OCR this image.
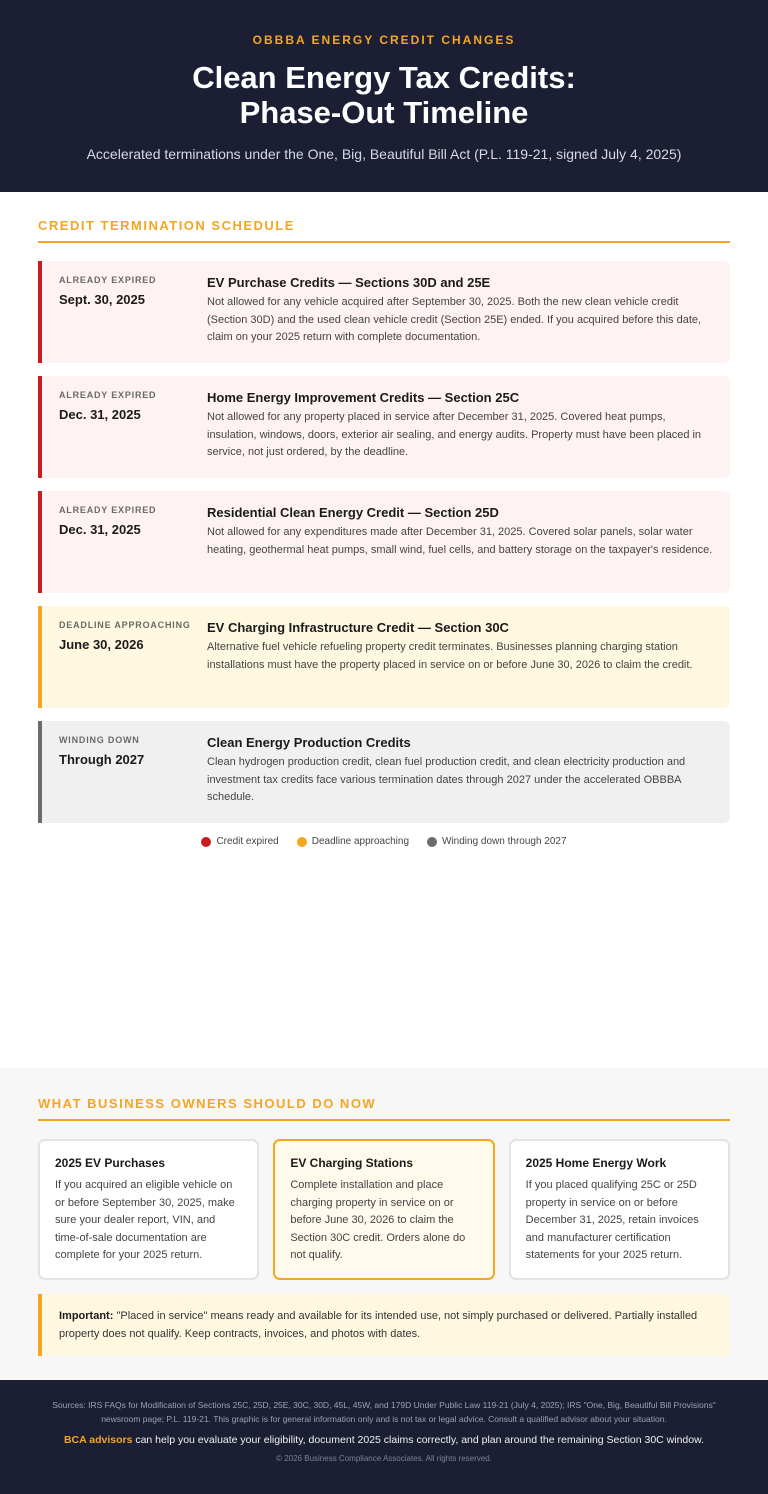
OBBBA ENERGY CREDIT CHANGES
Clean Energy Tax Credits:
Phase-Out Timeline
Accelerated terminations under the One, Big, Beautiful Bill Act (P.L. 119-21, signed July 4, 2025)
CREDIT TERMINATION SCHEDULE
ALREADY EXPIRED
Sept. 30, 2025
EV Purchase Credits — Sections 30D and 25E
Not allowed for any vehicle acquired after September 30, 2025. Both the new clean vehicle credit (Section 30D) and the used clean vehicle credit (Section 25E) ended. If you acquired before this date, claim on your 2025 return with complete documentation.
ALREADY EXPIRED
Dec. 31, 2025
Home Energy Improvement Credits — Section 25C
Not allowed for any property placed in service after December 31, 2025. Covered heat pumps, insulation, windows, doors, exterior air sealing, and energy audits. Property must have been placed in service, not just ordered, by the deadline.
ALREADY EXPIRED
Dec. 31, 2025
Residential Clean Energy Credit — Section 25D
Not allowed for any expenditures made after December 31, 2025. Covered solar panels, solar water heating, geothermal heat pumps, small wind, fuel cells, and battery storage on the taxpayer's residence.
DEADLINE APPROACHING
June 30, 2026
EV Charging Infrastructure Credit — Section 30C
Alternative fuel vehicle refueling property credit terminates. Businesses planning charging station installations must have the property placed in service on or before June 30, 2026 to claim the credit.
WINDING DOWN
Through 2027
Clean Energy Production Credits
Clean hydrogen production credit, clean fuel production credit, and clean electricity production and investment tax credits face various termination dates through 2027 under the accelerated OBBBA schedule.
Credit expired	Deadline approaching	Winding down through 2027
WHAT BUSINESS OWNERS SHOULD DO NOW
2025 EV Purchases
If you acquired an eligible vehicle on or before September 30, 2025, make sure your dealer report, VIN, and time-of-sale documentation are complete for your 2025 return.
EV Charging Stations
Complete installation and place charging property in service on or before June 30, 2026 to claim the Section 30C credit. Orders alone do not qualify.
2025 Home Energy Work
If you placed qualifying 25C or 25D property in service on or before December 31, 2025, retain invoices and manufacturer certification statements for your 2025 return.
Important: "Placed in service" means ready and available for its intended use, not simply purchased or delivered. Partially installed property does not qualify. Keep contracts, invoices, and photos with dates.
Sources: IRS FAQs for Modification of Sections 25C, 25D, 25E, 30C, 30D, 45L, 45W, and 179D Under Public Law 119-21 (July 4, 2025); IRS "One, Big, Beautiful Bill Provisions" newsroom page; P.L. 119-21. This graphic is for general information only and is not tax or legal advice. Consult a qualified advisor about your situation.
BCA advisors can help you evaluate your eligibility, document 2025 claims correctly, and plan around the remaining Section 30C window.
© 2026 Business Compliance Associates. All rights reserved.
